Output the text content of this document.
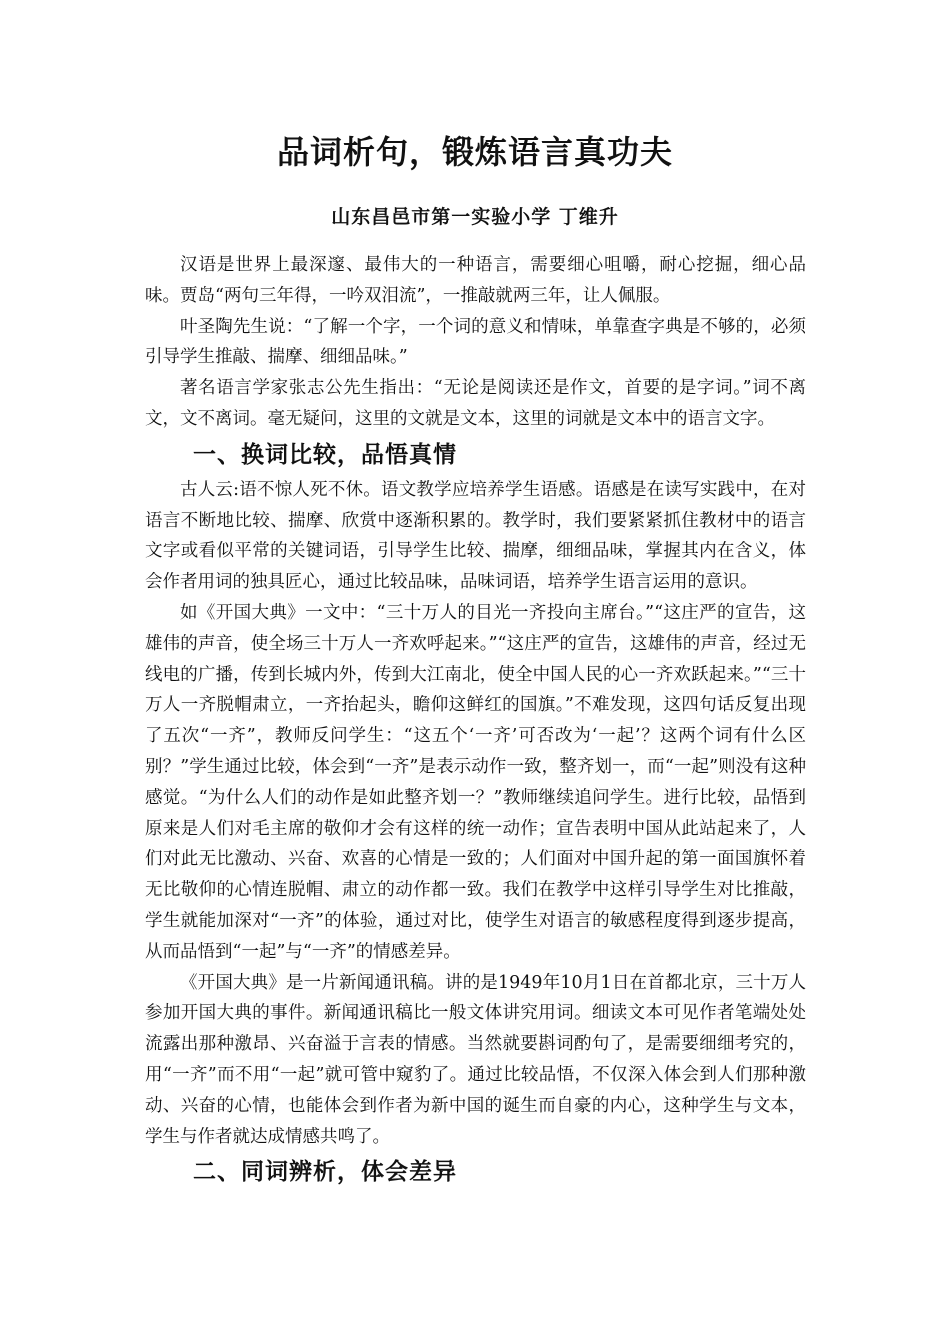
品词析句，锻炼语言真功夫
山东昌邑市第一实验小学 丁维升

汉语是世界上最深邃、最伟大的一种语言，需要细心咀嚼，耐心挖掘，细心品味。贾岛“两句三年得，一吟双泪流”，一推敲就两三年，让人佩服。

叶圣陶先生说：“了解一个字，一个词的意义和情味，单靠查字典是不够的，必须引导学生推敲、揣摩、细细品味。”

著名语言学家张志公先生指出：“无论是阅读还是作文，首要的是字词。”词不离文，文不离词。毫无疑问，这里的文就是文本，这里的词就是文本中的语言文字。

一、换词比较，品悟真情

古人云:语不惊人死不休。语文教学应培养学生语感。语感是在读写实践中，在对语言不断地比较、揣摩、欣赏中逐渐积累的。教学时，我们要紧紧抓住教材中的语言文字或看似平常的关键词语，引导学生比较、揣摩，细细品味，掌握其内在含义，体会作者用词的独具匠心，通过比较品味，品味词语，培养学生语言运用的意识。

如《开国大典》一文中：“三十万人的目光一齐投向主席台。”“这庄严的宣告，这雄伟的声音，使全场三十万人一齐欢呼起来。”“这庄严的宣告，这雄伟的声音，经过无线电的广播，传到长城内外，传到大江南北，使全中国人民的心一齐欢跃起来。”“三十万人一齐脱帽肃立，一齐抬起头，瞻仰这鲜红的国旗。”不难发现，这四句话反复出现了五次“一齐”，教师反问学生：“这五个‘一齐’可否改为‘一起’？这两个词有什么区别？”学生通过比较，体会到“一齐”是表示动作一致，整齐划一，而“一起”则没有这种感觉。“为什么人们的动作是如此整齐划一？”教师继续追问学生。进行比较，品悟到原来是人们对毛主席的敬仰才会有这样的统一动作；宣告表明中国从此站起来了，人们对此无比激动、兴奋、欢喜的心情是一致的；人们面对中国升起的第一面国旗怀着无比敬仰的心情连脱帽、肃立的动作都一致。我们在教学中这样引导学生对比推敲，学生就能加深对“一齐”的体验，通过对比，使学生对语言的敏感程度得到逐步提高，从而品悟到“一起”与“一齐”的情感差异。

《开国大典》是一片新闻通讯稿。讲的是1949年10月1日在首都北京，三十万人参加开国大典的事件。新闻通讯稿比一般文体讲究用词。细读文本可见作者笔端处处流露出那种激昂、兴奋溢于言表的情感。当然就要斟词酌句了，是需要细细考究的，用“一齐”而不用“一起”就可管中窥豹了。通过比较品悟，不仅深入体会到人们那种激动、兴奋的心情，也能体会到作者为新中国的诞生而自豪的内心，这种学生与文本，学生与作者就达成情感共鸣了。

二、同词辨析，体会差异
